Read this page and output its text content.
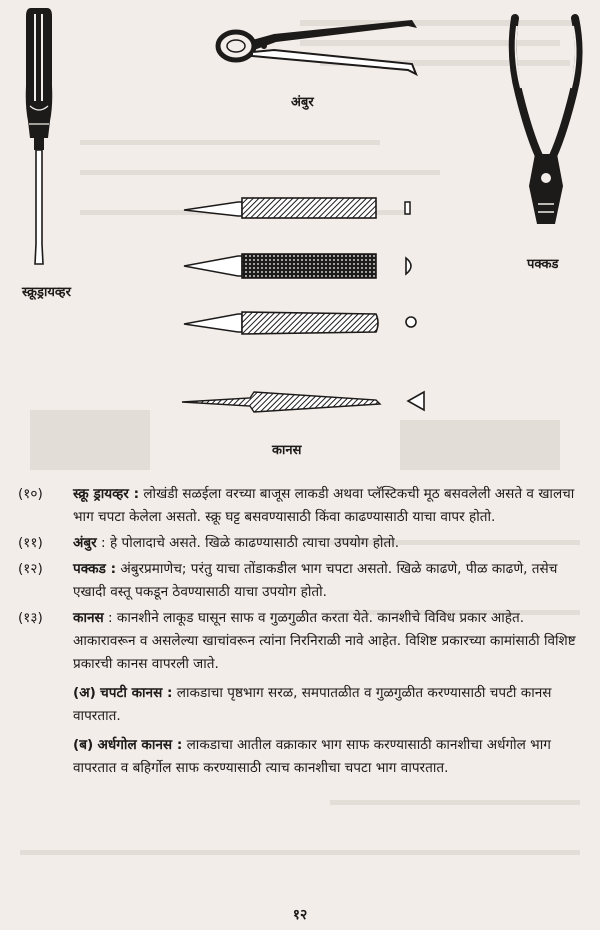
स्क्रूड्रायव्हर
अंबुर
पक्कड
कानस
(१०)	स्क्रू ड्रायव्हर : लोखंडी सळईला वरच्या बाजूस लाकडी अथवा प्लॅस्टिकची मूठ बसवलेली असते व खालचा भाग चपटा केलेला असतो. स्क्रू घट्ट बसवण्यासाठी किंवा काढण्यासाठी याचा वापर होतो.
(११)	अंबुर : हे पोलादाचे असते. खिळे काढण्यासाठी त्याचा उपयोग होतो.
(१२)	पक्कड : अंबुरप्रमाणेच; परंतु याचा तोंडाकडील भाग चपटा असतो. खिळे काढणे, पीळ काढणे, तसेच एखादी वस्तू पकडून ठेवण्यासाठी याचा उपयोग होतो.
(१३)	कानस : कानशीने लाकूड घासून साफ व गुळगुळीत करता येते. कानशीचे विविध प्रकार आहेत. आकारावरून व असलेल्या खाचांवरून त्यांना निरनिराळी नावे आहेत. विशिष्ट प्रकारच्या कामांसाठी विशिष्ट प्रकारची कानस वापरली जाते.
(अ) चपटी कानस : लाकडाचा पृष्ठभाग सरळ, समपातळीत व गुळगुळीत करण्यासाठी चपटी कानस वापरतात.
(ब) अर्धगोल कानस : लाकडाचा आतील वक्राकार भाग साफ करण्यासाठी कानशीचा अर्धगोल भाग वापरतात व बहिर्गोल साफ करण्यासाठी त्याच कानशीचा चपटा भाग वापरतात.
१२
